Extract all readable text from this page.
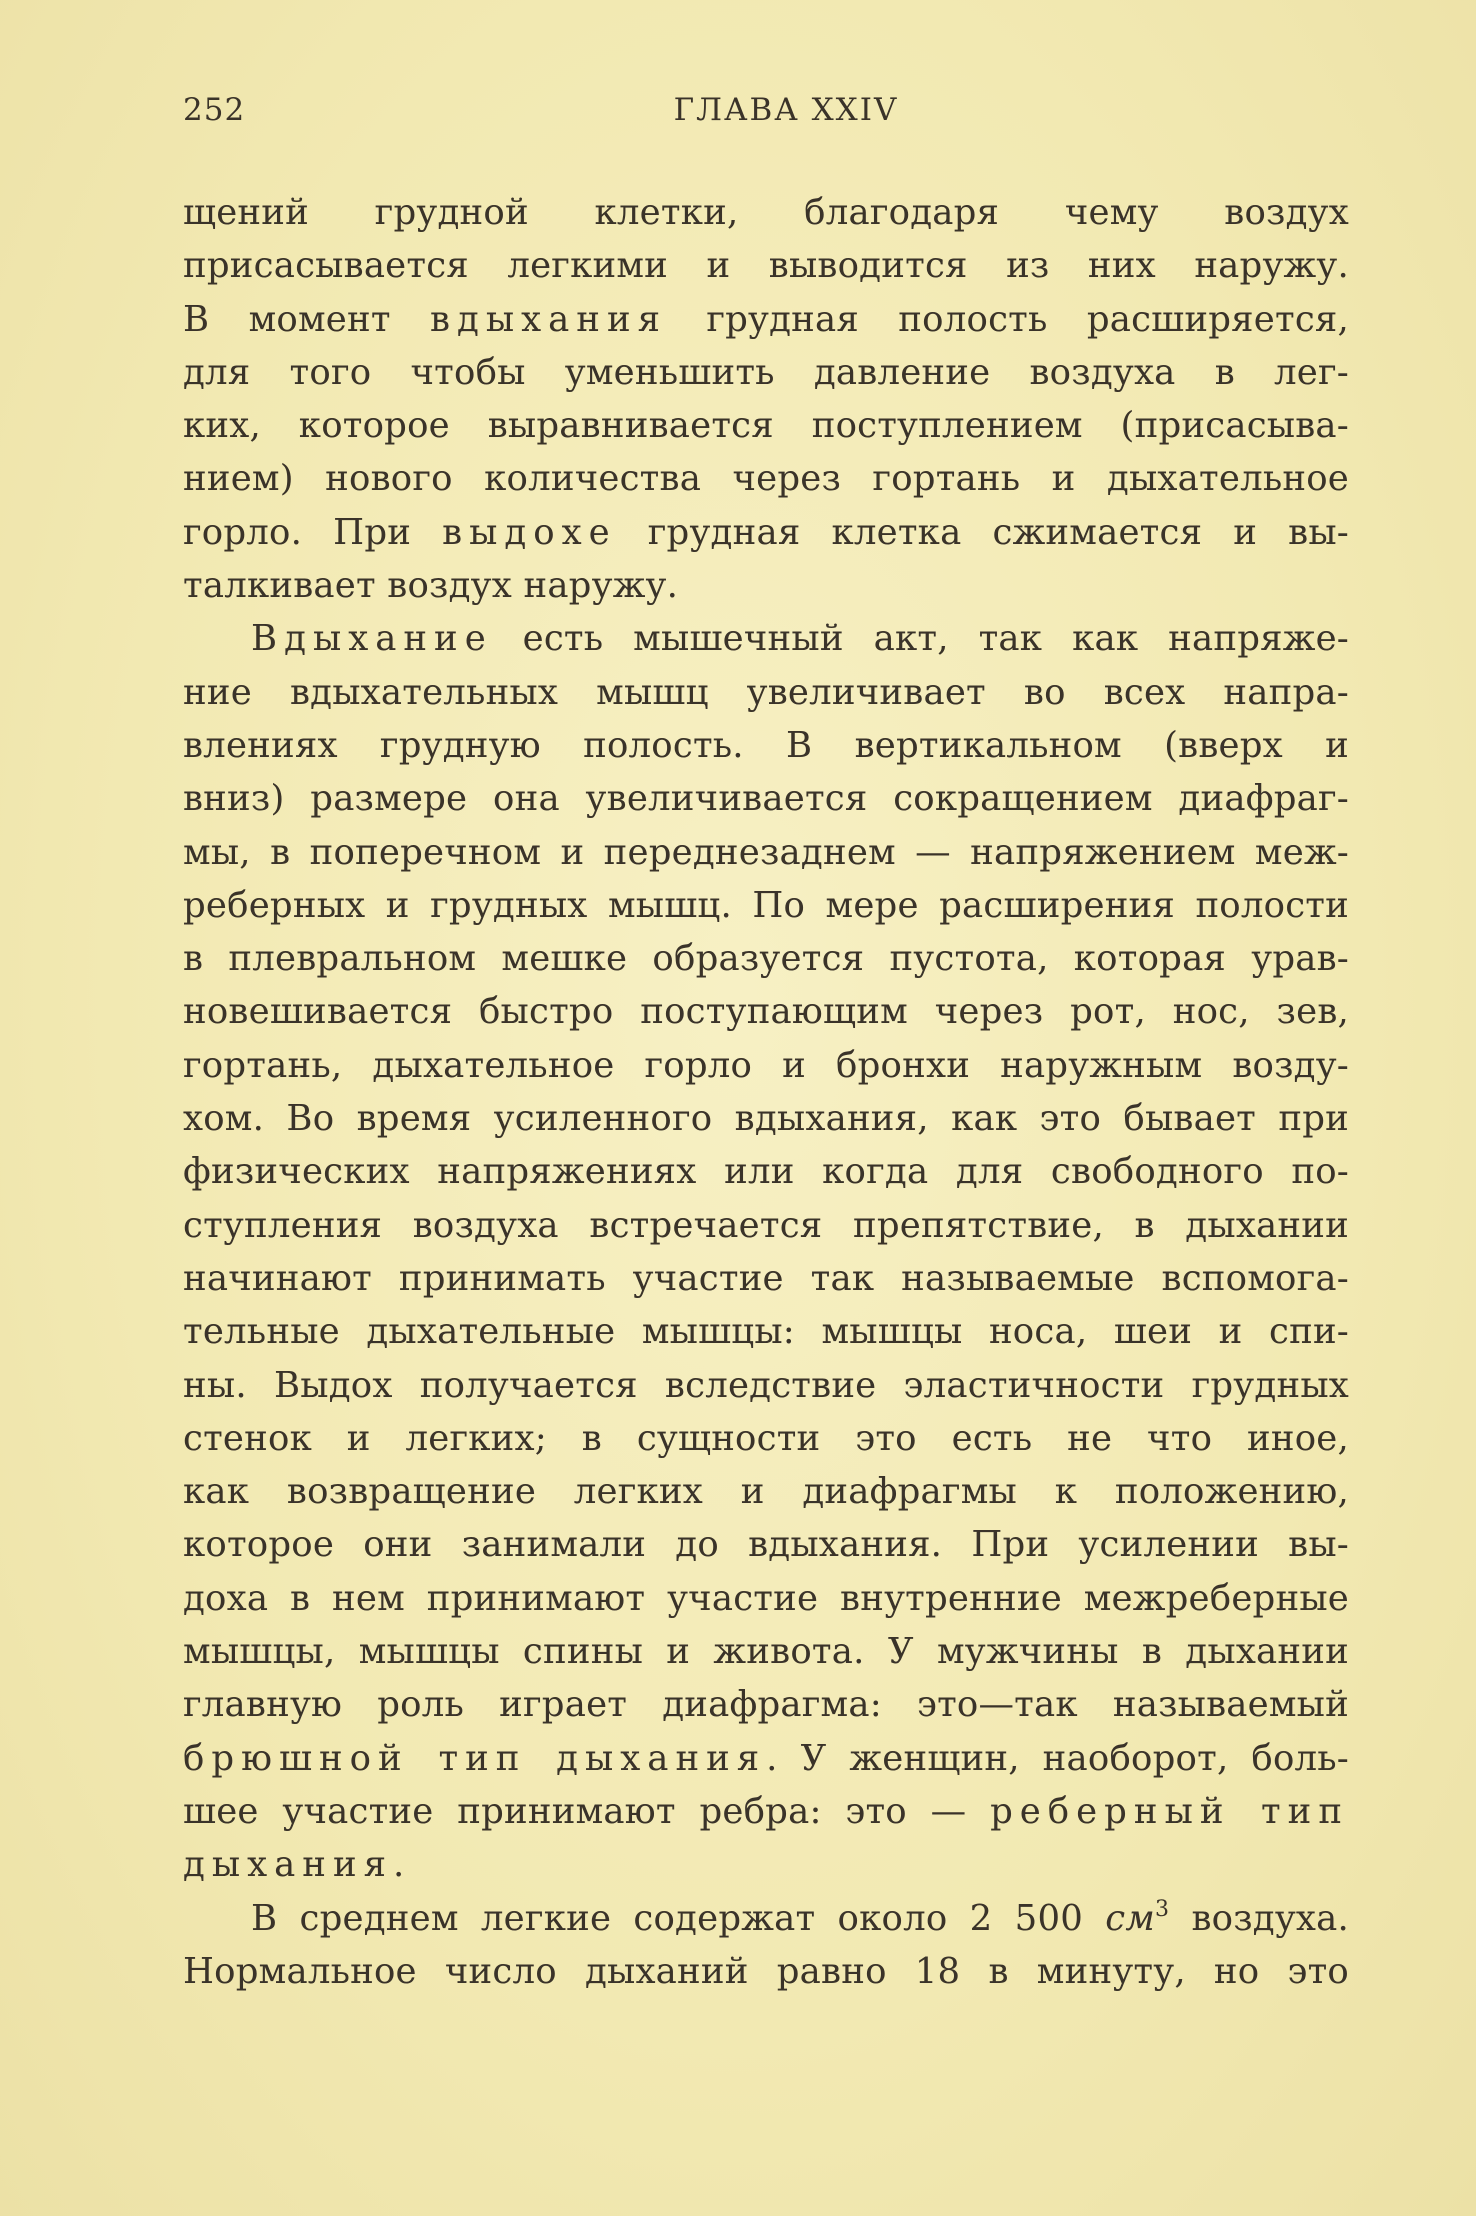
252	ГЛАВА XXIV
щений грудной клетки, благодаря чему воздух
присасывается легкими и выводится из них наружу.
В момент вдыхания грудная полость расширяется,
для того чтобы уменьшить давление воздуха в лег-
ких, которое выравнивается поступлением (присасыва-
нием) нового количества через гортань и дыхательное
горло. При выдохе грудная клетка сжимается и вы-
талкивает воздух наружу.
Вдыхание есть мышечный акт, так как напряже-
ние вдыхательных мышц увеличивает во всех напра-
влениях грудную полость. В вертикальном (вверх и
вниз) размере она увеличивается сокращением диафраг-
мы, в поперечном и переднезаднем — напряжением меж-
реберных и грудных мышц. По мере расширения полости
в плевральном мешке образуется пустота, которая урав-
новешивается быстро поступающим через рот, нос, зев,
гортань, дыхательное горло и бронхи наружным возду-
хом. Во время усиленного вдыхания, как это бывает при
физических напряжениях или когда для свободного по-
ступления воздуха встречается препятствие, в дыхании
начинают принимать участие так называемые вспомога-
тельные дыхательные мышцы: мышцы носа, шеи и спи-
ны. Выдох получается вследствие эластичности грудных
стенок и легких; в сущности это есть не что иное,
как возвращение легких и диафрагмы к положению,
которое они занимали до вдыхания. При усилении вы-
доха в нем принимают участие внутренние межреберные
мышцы, мышцы спины и живота. У мужчины в дыхании
главную роль играет диафрагма: это—так называемый
брюшной тип дыхания. У женщин, наоборот, боль-
шее участие принимают ребра: это — реберный тип
дыхания.
В среднем легкие содержат около 2 500 $см^3$ воздуха.
Нормальное число дыханий равно 18 в минуту, но это
